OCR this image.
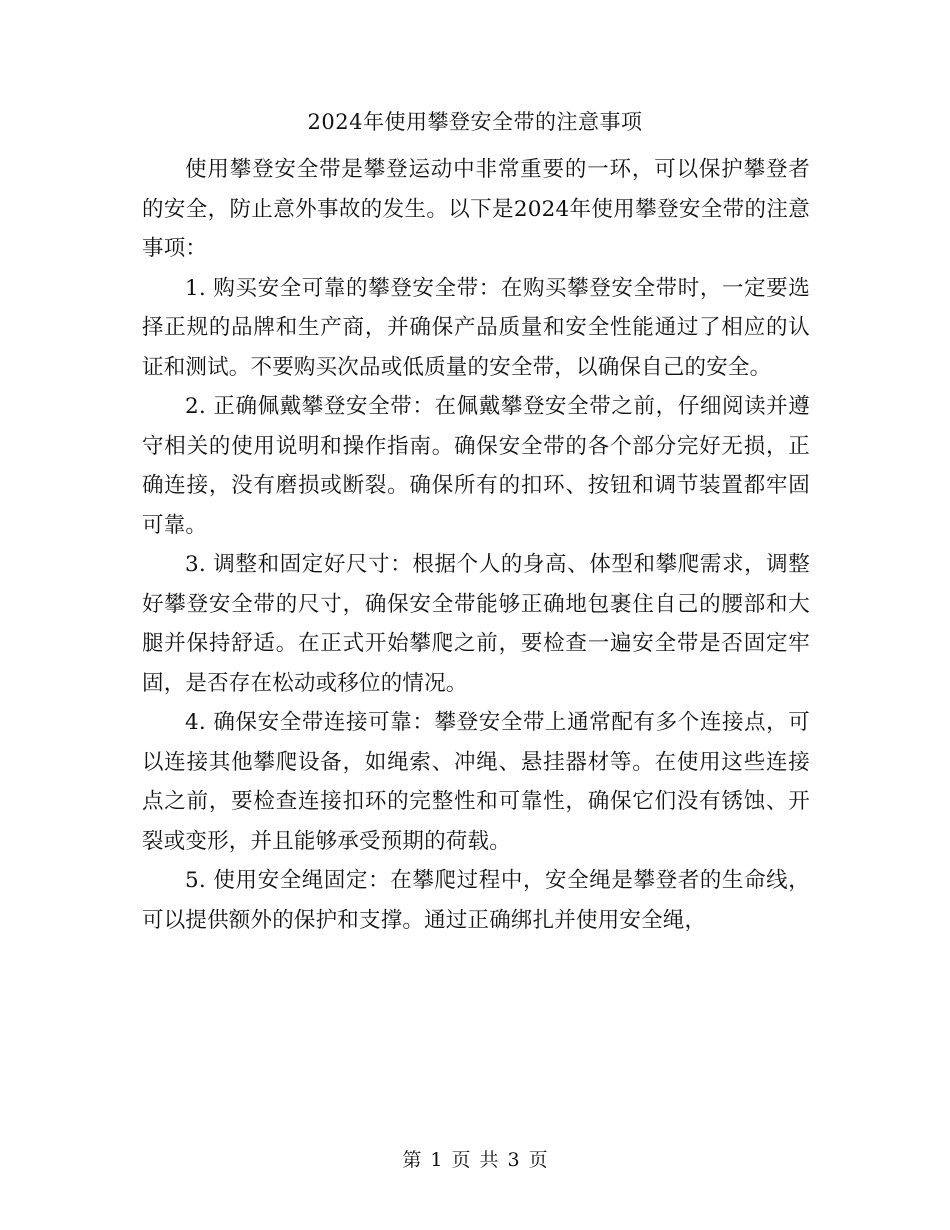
2024年使用攀登安全带的注意事项

使用攀登安全带是攀登运动中非常重要的一环，可以保护攀登者的安全，防止意外事故的发生。以下是2024年使用攀登安全带的注意事项：

1. 购买安全可靠的攀登安全带：在购买攀登安全带时，一定要选择正规的品牌和生产商，并确保产品质量和安全性能通过了相应的认证和测试。不要购买次品或低质量的安全带，以确保自己的安全。

2. 正确佩戴攀登安全带：在佩戴攀登安全带之前，仔细阅读并遵守相关的使用说明和操作指南。确保安全带的各个部分完好无损，正确连接，没有磨损或断裂。确保所有的扣环、按钮和调节装置都牢固可靠。

3. 调整和固定好尺寸：根据个人的身高、体型和攀爬需求，调整好攀登安全带的尺寸，确保安全带能够正确地包裹住自己的腰部和大腿并保持舒适。在正式开始攀爬之前，要检查一遍安全带是否固定牢固，是否存在松动或移位的情况。

4. 确保安全带连接可靠：攀登安全带上通常配有多个连接点，可以连接其他攀爬设备，如绳索、冲绳、悬挂器材等。在使用这些连接点之前，要检查连接扣环的完整性和可靠性，确保它们没有锈蚀、开裂或变形，并且能够承受预期的荷载。

5. 使用安全绳固定：在攀爬过程中，安全绳是攀登者的生命线，可以提供额外的保护和支撑。通过正确绑扎并使用安全绳，

第 1 页 共 3 页
